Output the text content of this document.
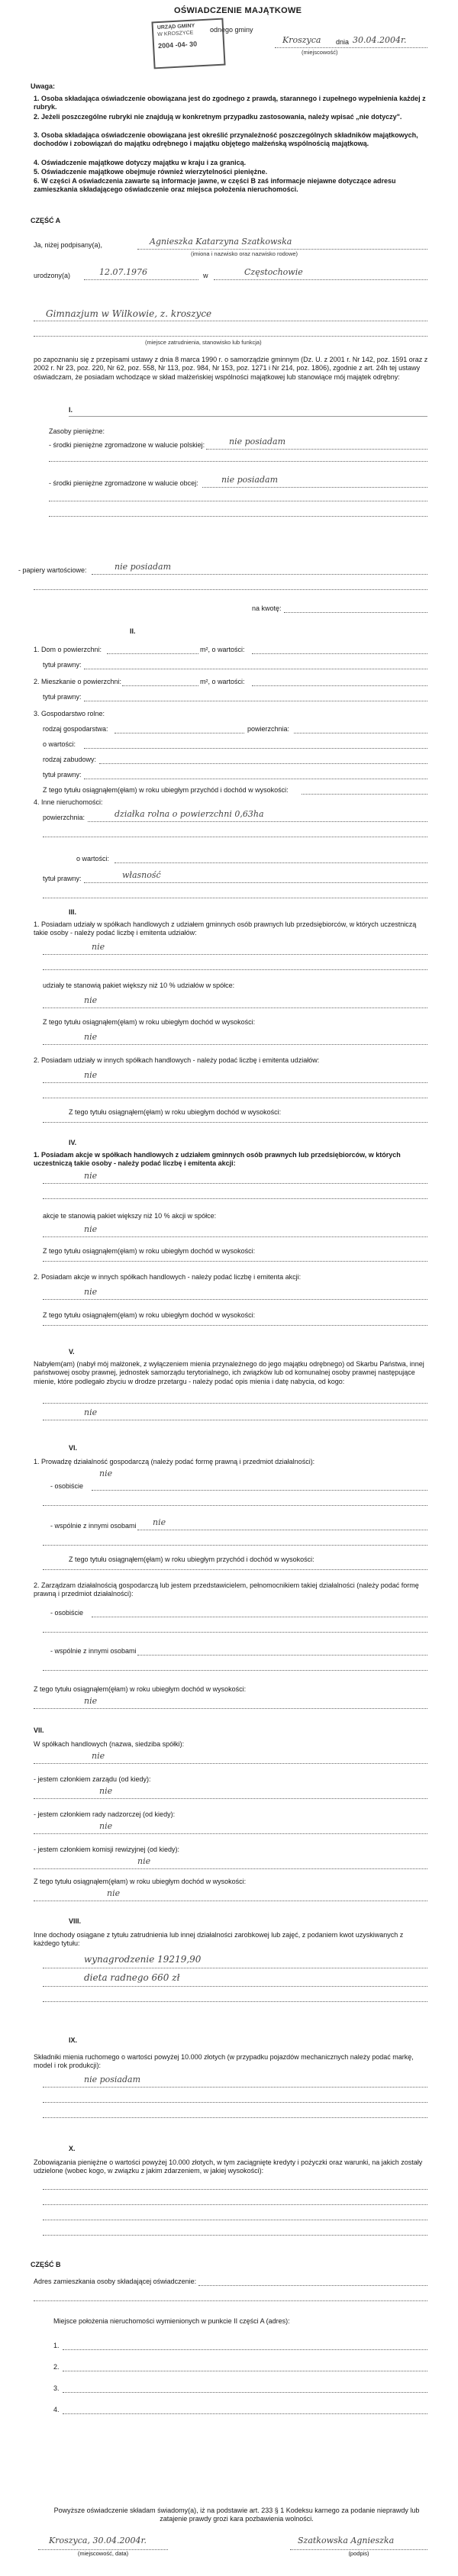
OŚWIADCZENIE MAJĄTKOWE
odnego gminy
URZĄD GMINY
W KROSZYCE
2004 -04- 30	Kroszyca dnia 30.04.2004r.
(miejscowość)
Uwaga:
1. Osoba składająca oświadczenie obowiązana jest do zgodnego z prawdą, starannego i zupełnego wypełnienia każdej z rubryk.
2. Jeżeli poszczególne rubryki nie znajdują w konkretnym przypadku zastosowania, należy wpisać „nie dotyczy".
3. Osoba składająca oświadczenie obowiązana jest określić przynależność poszczególnych składników majątkowych, dochodów i zobowiązań do majątku odrębnego i majątku objętego małżeńską wspólnością majątkową.
4. Oświadczenie majątkowe dotyczy majątku w kraju i za granicą.
5. Oświadczenie majątkowe obejmuje również wierzytelności pieniężne.
6. W części A oświadczenia zawarte są informacje jawne, w części B zaś informacje niejawne dotyczące adresu zamieszkania składającego oświadczenie oraz miejsca położenia nieruchomości.
CZĘŚĆ A
Ja, niżej podpisany(a),	Agnieszka Katarzyna Szatkowska
(imiona i nazwisko oraz nazwisko rodowe)
urodzony(a)	12.07.1976	w	Częstochowie
Gimnazjum w Wilkowie, z. kroszyce
(miejsce zatrudnienia, stanowisko lub funkcja)
po zapoznaniu się z przepisami ustawy z dnia 8 marca 1990 r. o samorządzie gminnym (Dz. U. z 2001 r. Nr 142, poz. 1591 oraz z 2002 r. Nr 23, poz. 220, Nr 62, poz. 558, Nr 113, poz. 984, Nr 153, poz. 1271 i Nr 214, poz. 1806), zgodnie z art. 24h tej ustawy oświadczam, że posiadam wchodzące w skład małżeńskiej wspólności majątkowej lub stanowiące mój majątek odrębny:
I.
Zasoby pieniężne:
- środki pieniężne zgromadzone w walucie polskiej:	nie posiadam
- środki pieniężne zgromadzone w walucie obcej:	nie posiadam
- papiery wartościowe:	nie posiadam
na kwotę:
II.
1. Dom o powierzchni:	m², o wartości:
tytuł prawny:
2. Mieszkanie o powierzchni:	m², o wartości:
tytuł prawny:
3. Gospodarstwo rolne:
rodzaj gospodarstwa:	powierzchnia:
o wartości:
rodzaj zabudowy:
tytuł prawny:
Z tego tytułu osiągnąłem(ęłam) w roku ubiegłym przychód i dochód w wysokości:
4. Inne nieruchomości:
powierzchnia:	działka rolna o powierzchni 0,63ha
o wartości:
tytuł prawny:	własność
III.
1. Posiadam udziały w spółkach handlowych z udziałem gminnych osób prawnych lub przedsiębiorców, w których uczestniczą takie osoby - należy podać liczbę i emitenta udziałów:
nie
udziały te stanowią pakiet większy niż 10 % udziałów w spółce:
nie
Z tego tytułu osiągnąłem(ęłam) w roku ubiegłym dochód w wysokości:
nie
2. Posiadam udziały w innych spółkach handlowych - należy podać liczbę i emitenta udziałów:
nie
Z tego tytułu osiągnąłem(ęłam) w roku ubiegłym dochód w wysokości:
IV.
1. Posiadam akcje w spółkach handlowych z udziałem gminnych osób prawnych lub przedsiębiorców, w których uczestniczą takie osoby - należy podać liczbę i emitenta akcji:
nie
akcje te stanowią pakiet większy niż 10 % akcji w spółce:
nie
Z tego tytułu osiągnąłem(ęłam) w roku ubiegłym dochód w wysokości:
2. Posiadam akcje w innych spółkach handlowych - należy podać liczbę i emitenta akcji:
nie
Z tego tytułu osiągnąłem(ęłam) w roku ubiegłym dochód w wysokości:
V.
Nabyłem(am) (nabył mój małżonek, z wyłączeniem mienia przynależnego do jego majątku odrębnego) od Skarbu Państwa, innej państwowej osoby prawnej, jednostek samorządu terytorialnego, ich związków lub od komunalnej osoby prawnej następujące mienie, które podlegało zbyciu w drodze przetargu - należy podać opis mienia i datę nabycia, od kogo:
nie
VI.
1. Prowadzę działalność gospodarczą (należy podać formę prawną i przedmiot działalności):
nie
- osobiście
- wspólnie z innymi osobami nie
Z tego tytułu osiągnąłem(ęłam) w roku ubiegłym przychód i dochód w wysokości:
2. Zarządzam działalnością gospodarczą lub jestem przedstawicielem, pełnomocnikiem takiej działalności (należy podać formę prawną i przedmiot działalności):
- osobiście
- wspólnie z innymi osobami
Z tego tytułu osiągnąłem(ęłam) w roku ubiegłym dochód w wysokości:
nie
VII.
W spółkach handlowych (nazwa, siedziba spółki):
nie
- jestem członkiem zarządu (od kiedy):
nie
- jestem członkiem rady nadzorczej (od kiedy):
nie
- jestem członkiem komisji rewizyjnej (od kiedy):
nie
Z tego tytułu osiągnąłem(ęłam) w roku ubiegłym dochód w wysokości:
nie
VIII.
Inne dochody osiągane z tytułu zatrudnienia lub innej działalności zarobkowej lub zajęć, z podaniem kwot uzyskiwanych z każdego tytułu:
wynagrodzenie 19219,90
dieta radnego 660 zł
IX.
Składniki mienia ruchomego o wartości powyżej 10.000 złotych (w przypadku pojazdów mechanicznych należy podać markę, model i rok produkcji):
nie posiadam
X.
Zobowiązania pieniężne o wartości powyżej 10.000 złotych, w tym zaciągnięte kredyty i pożyczki oraz warunki, na jakich zostały udzielone (wobec kogo, w związku z jakim zdarzeniem, w jakiej wysokości):
CZĘŚĆ B
Adres zamieszkania osoby składającej oświadczenie:
Miejsce położenia nieruchomości wymienionych w punkcie II części A (adres):
1.
2.
3.
4.
Powyższe oświadczenie składam świadomy(a), iż na podstawie art. 233 § 1 Kodeksu karnego za podanie nieprawdy lub zatajenie prawdy grozi kara pozbawienia wolności.
Kroszyca, 30.04.2004r.
(miejscowość, data)
Szatkowska Agnieszka
(podpis)
